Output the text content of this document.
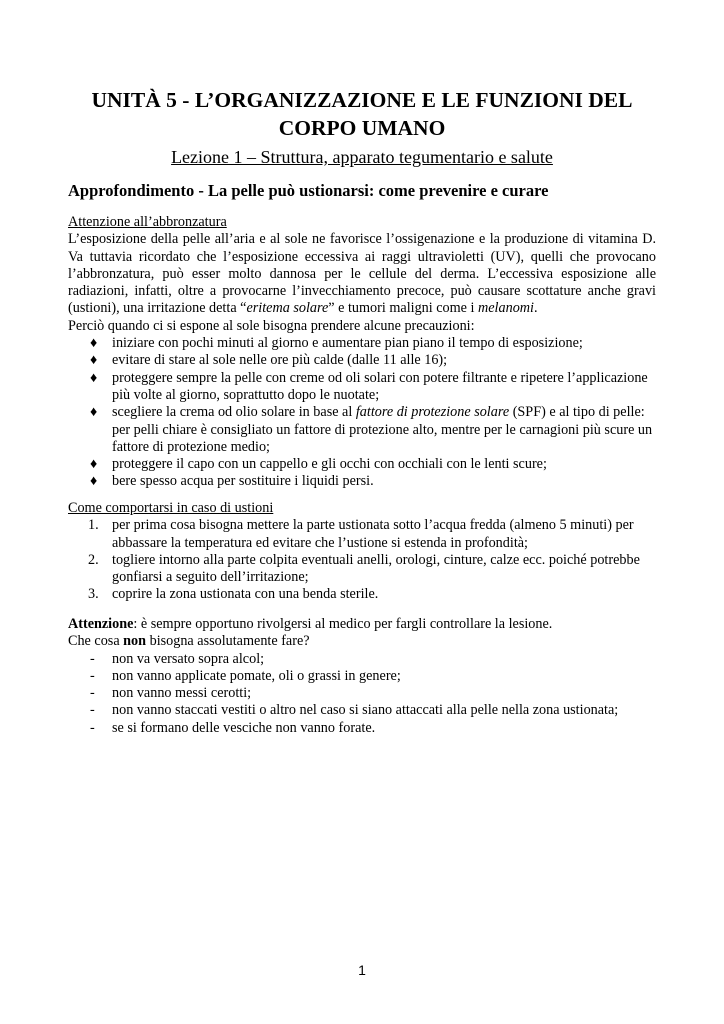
UNITÀ 5 - L’ORGANIZZAZIONE E LE FUNZIONI DEL
CORPO UMANO
Lezione 1 – Struttura, apparato tegumentario e salute
Approfondimento - La pelle può ustionarsi: come prevenire e curare
Attenzione all’abbronzatura
L’esposizione della pelle all’aria e al sole ne favorisce l’ossigenazione e la produzione di vitamina D. Va tuttavia ricordato che l’esposizione eccessiva ai raggi ultravioletti (UV), quelli che provocano l’abbronzatura, può esser molto dannosa per le cellule del derma. L’eccessiva esposizione alle radiazioni, infatti, oltre a provocarne l’invecchiamento precoce, può causare scottature anche gravi (ustioni), una irritazione detta “eritema solare” e tumori maligni come i melanomi.
Perciò quando ci si espone al sole bisogna prendere alcune precauzioni:
♦	iniziare con pochi minuti al giorno e aumentare pian piano il tempo di esposizione;
♦	evitare di stare al sole nelle ore più calde (dalle 11 alle 16);
♦	proteggere sempre la pelle con creme od oli solari con potere filtrante e ripetere l’applicazione più volte al giorno, soprattutto dopo le nuotate;
♦	scegliere la crema od olio solare in base al fattore di protezione solare (SPF) e al tipo di pelle: per pelli chiare è consigliato un fattore di protezione alto, mentre per le carnagioni più scure un fattore di protezione medio;
♦	proteggere il capo con un cappello e gli occhi con occhiali con le lenti scure;
♦	bere spesso acqua per sostituire i liquidi persi.
Come comportarsi in caso di ustioni
1. per prima cosa bisogna mettere la parte ustionata sotto l’acqua fredda (almeno 5 minuti) per abbassare la temperatura ed evitare che l’ustione si estenda in profondità;
2. togliere intorno alla parte colpita eventuali anelli, orologi, cinture, calze ecc. poiché potrebbe gonfiarsi a seguito dell’irritazione;
3. coprire la zona ustionata con una benda sterile.
Attenzione: è sempre opportuno rivolgersi al medico per fargli controllare la lesione.
Che cosa non bisogna assolutamente fare?
-	non va versato sopra alcol;
-	non vanno applicate pomate, oli o grassi in genere;
-	non vanno messi cerotti;
-	non vanno staccati vestiti o altro nel caso si siano attaccati alla pelle nella zona ustionata;
-	se si formano delle vesciche non vanno forate.
1
